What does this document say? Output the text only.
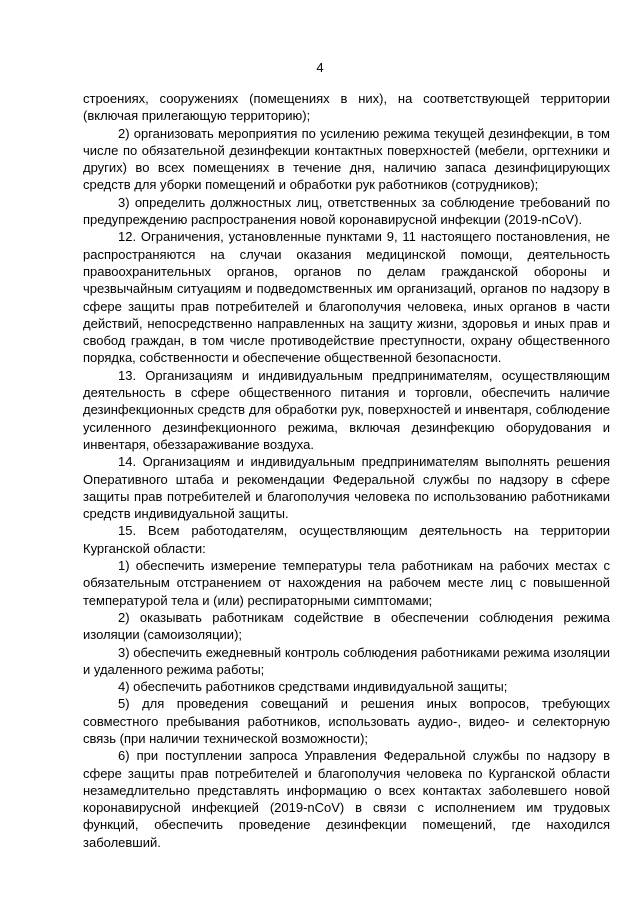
4

строениях, сооружениях (помещениях в них), на соответствующей территории (включая прилегающую территорию);

2) организовать мероприятия по усилению режима текущей дезинфекции, в том числе по обязательной дезинфекции контактных поверхностей (мебели, оргтехники и других) во всех помещениях в течение дня, наличию запаса дезинфицирующих средств для уборки помещений и обработки рук работников (сотрудников);

3) определить должностных лиц, ответственных за соблюдение требований по предупреждению распространения новой коронавирусной инфекции (2019-nCoV).

12. Ограничения, установленные пунктами 9, 11 настоящего постановления, не распространяются на случаи оказания медицинской помощи, деятельность правоохранительных органов, органов по делам гражданской обороны и чрезвычайным ситуациям и подведомственных им организаций, органов по надзору в сфере защиты прав потребителей и благополучия человека, иных органов в части действий, непосредственно направленных на защиту жизни, здоровья и иных прав и свобод граждан, в том числе противодействие преступности, охрану общественного порядка, собственности и обеспечение общественной безопасности.

13. Организациям и индивидуальным предпринимателям, осуществляющим деятельность в сфере общественного питания и торговли, обеспечить наличие дезинфекционных средств для обработки рук, поверхностей и инвентаря, соблюдение усиленного дезинфекционного режима, включая дезинфекцию оборудования и инвентаря, обеззараживание воздуха.

14. Организациям и индивидуальным предпринимателям выполнять решения Оперативного штаба и рекомендации Федеральной службы по надзору в сфере защиты прав потребителей и благополучия человека по использованию работниками средств индивидуальной защиты.

15. Всем работодателям, осуществляющим деятельность на территории Курганской области:

1) обеспечить измерение температуры тела работникам на рабочих местах с обязательным отстранением от нахождения на рабочем месте лиц с повышенной температурой тела и (или) респираторными симптомами;

2) оказывать работникам содействие в обеспечении соблюдения режима изоляции (самоизоляции);

3) обеспечить ежедневный контроль соблюдения работниками режима изоляции и удаленного режима работы;

4) обеспечить работников средствами индивидуальной защиты;

5) для проведения совещаний и решения иных вопросов, требующих совместного пребывания работников, использовать аудио-, видео- и селекторную связь (при наличии технической возможности);

6) при поступлении запроса Управления Федеральной службы по надзору в сфере защиты прав потребителей и благополучия человека по Курганской области незамедлительно представлять информацию о всех контактах заболевшего новой коронавирусной инфекцией (2019-nCoV) в связи с исполнением им трудовых функций, обеспечить проведение дезинфекции помещений, где находился заболевший.
